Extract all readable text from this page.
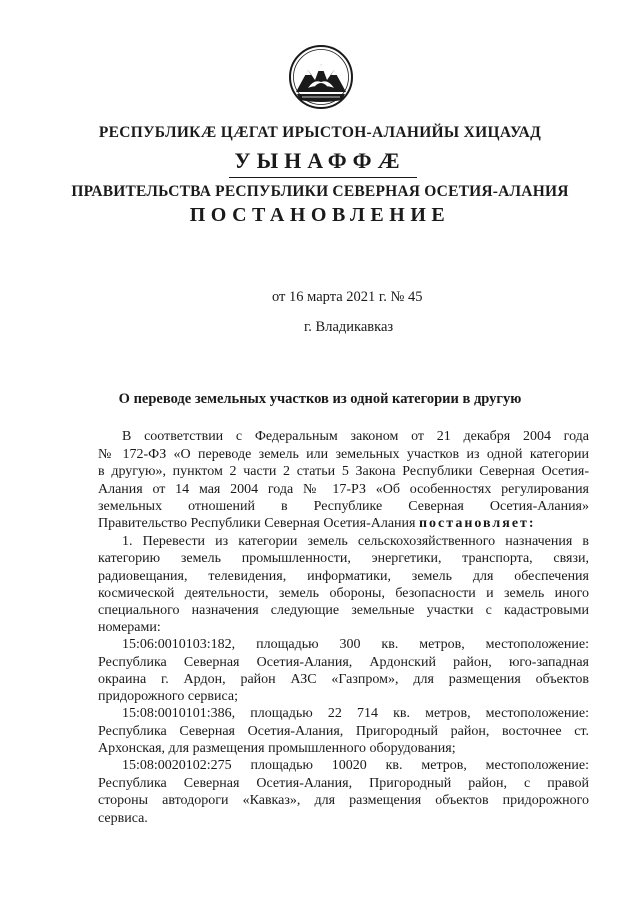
РЕСПУБЛИКӔ ЦӔГАТ ИРЫСТОН-АЛАНИЙЫ ХИЦАУАД
УЫНАФФӔ
ПРАВИТЕЛЬСТВА РЕСПУБЛИКИ СЕВЕРНАЯ ОСЕТИЯ-АЛАНИЯ
ПОСТАНОВЛЕНИЕ
от 16 марта 2021 г. № 45
г. Владикавказ
О переводе земельных участков из одной категории в другую
В соответствии с Федеральным законом от 21 декабря 2004 года
№ 172-ФЗ «О переводе земель или земельных участков из одной категории
в другую», пунктом 2 части 2 статьи 5 Закона Республики Северная Осетия-
Алания от 14 мая 2004 года № 17-РЗ «Об особенностях регулирования
земельных отношений в Республике Северная Осетия-Алания»
Правительство Республики Северная Осетия-Алания постановляет:
1. Перевести из категории земель сельскохозяйственного назначения в
категорию земель промышленности, энергетики, транспорта, связи,
радиовещания, телевидения, информатики, земель для обеспечения
космической деятельности, земель обороны, безопасности и земель иного
специального назначения следующие земельные участки с кадастровыми
номерами:
15:06:0010103:182, площадью 300 кв. метров, местоположение:
Республика Северная Осетия-Алания, Ардонский район, юго-западная
окраина г. Ардон, район АЗС «Газпром», для размещения объектов
придорожного сервиса;
15:08:0010101:386, площадью 22 714 кв. метров, местоположение:
Республика Северная Осетия-Алания, Пригородный район, восточнее ст.
Архонская, для размещения промышленного оборудования;
15:08:0020102:275 площадью 10020 кв. метров, местоположение:
Республика Северная Осетия-Алания, Пригородный район, с правой
стороны автодороги «Кавказ», для размещения объектов придорожного
сервиса.
